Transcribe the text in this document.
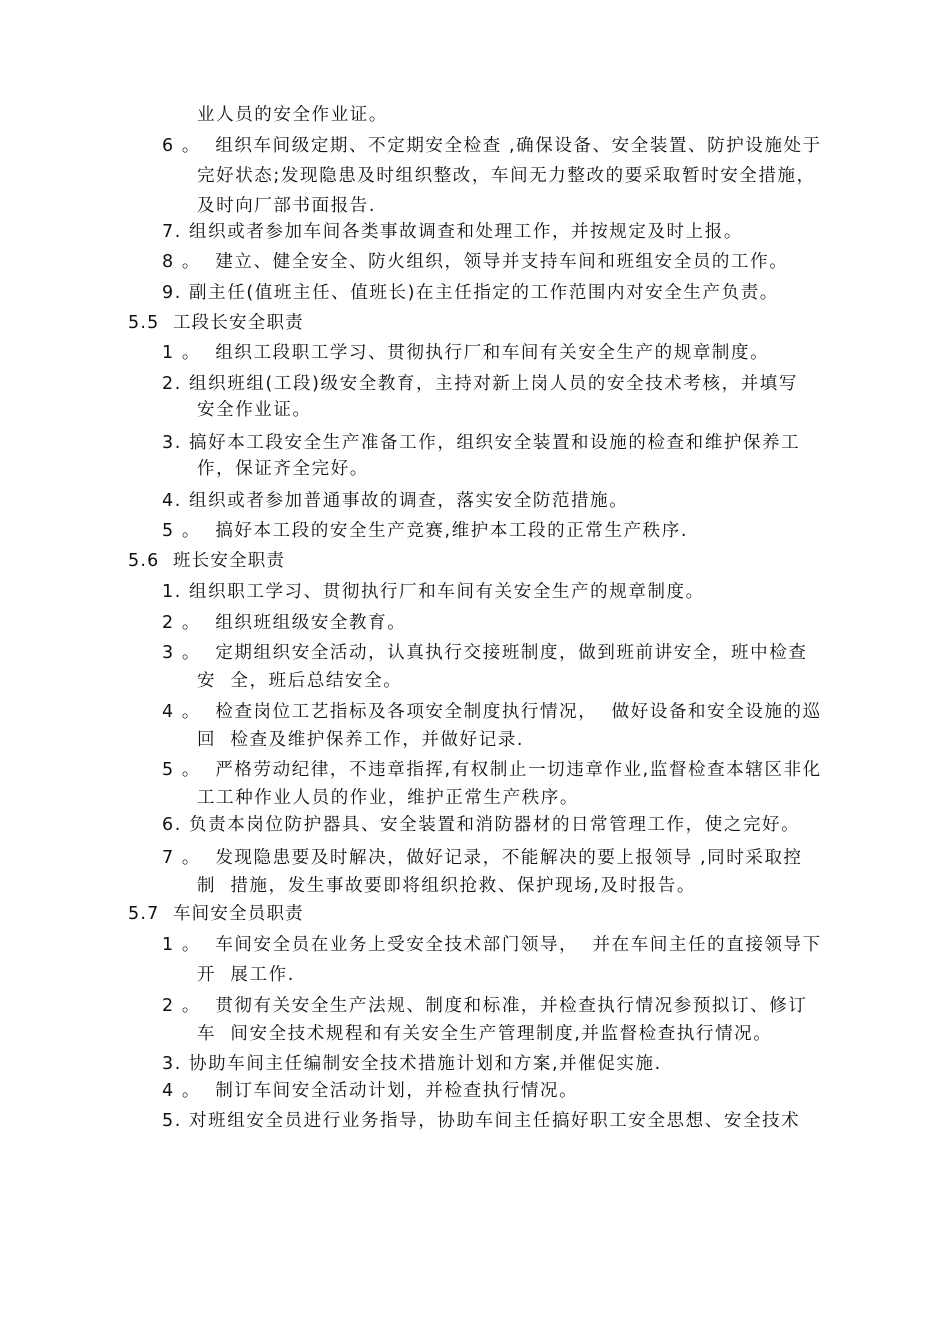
业人员的安全作业证。
6 。  组织车间级定期、不定期安全检查 ,确保设备、安全装置、防护设施处于
完好状态;发现隐患及时组织整改，车间无力整改的要采取暂时安全措施，
及时向厂部书面报告.
7. 组织或者参加车间各类事故调查和处理工作，并按规定及时上报。
8 。  建立、健全安全、防火组织，领导并支持车间和班组安全员的工作。
9. 副主任(值班主任、值班长)在主任指定的工作范围内对安全生产负责。
5.5  工段长安全职责
1 。  组织工段职工学习、贯彻执行厂和车间有关安全生产的规章制度。
2. 组织班组(工段)级安全教育，主持对新上岗人员的安全技术考核，并填写
安全作业证。
3. 搞好本工段安全生产准备工作，组织安全装置和设施的检查和维护保养工
作，保证齐全完好。
4. 组织或者参加普通事故的调查，落实安全防范措施。
5 。  搞好本工段的安全生产竞赛,维护本工段的正常生产秩序.
5.6  班长安全职责
1. 组织职工学习、贯彻执行厂和车间有关安全生产的规章制度。
2 。  组织班组级安全教育。
3 。  定期组织安全活动，认真执行交接班制度，做到班前讲安全，班中检查
安  全，班后总结安全。
4 。  检查岗位工艺指标及各项安全制度执行情况，  做好设备和安全设施的巡
回  检查及维护保养工作，并做好记录.
5 。  严格劳动纪律，不违章指挥,有权制止一切违章作业,监督检查本辖区非化
工工种作业人员的作业，维护正常生产秩序。
6. 负责本岗位防护器具、安全装置和消防器材的日常管理工作，使之完好。
7 。  发现隐患要及时解决，做好记录，不能解决的要上报领导 ,同时采取控
制  措施，发生事故要即将组织抢救、保护现场,及时报告。
5.7  车间安全员职责
1 。  车间安全员在业务上受安全技术部门领导，  并在车间主任的直接领导下
开  展工作.
2 。  贯彻有关安全生产法规、制度和标准，并检查执行情况参预拟订、修订
车  间安全技术规程和有关安全生产管理制度,并监督检查执行情况。
3. 协助车间主任编制安全技术措施计划和方案,并催促实施.
4 。  制订车间安全活动计划，并检查执行情况。
5. 对班组安全员进行业务指导，协助车间主任搞好职工安全思想、安全技术
